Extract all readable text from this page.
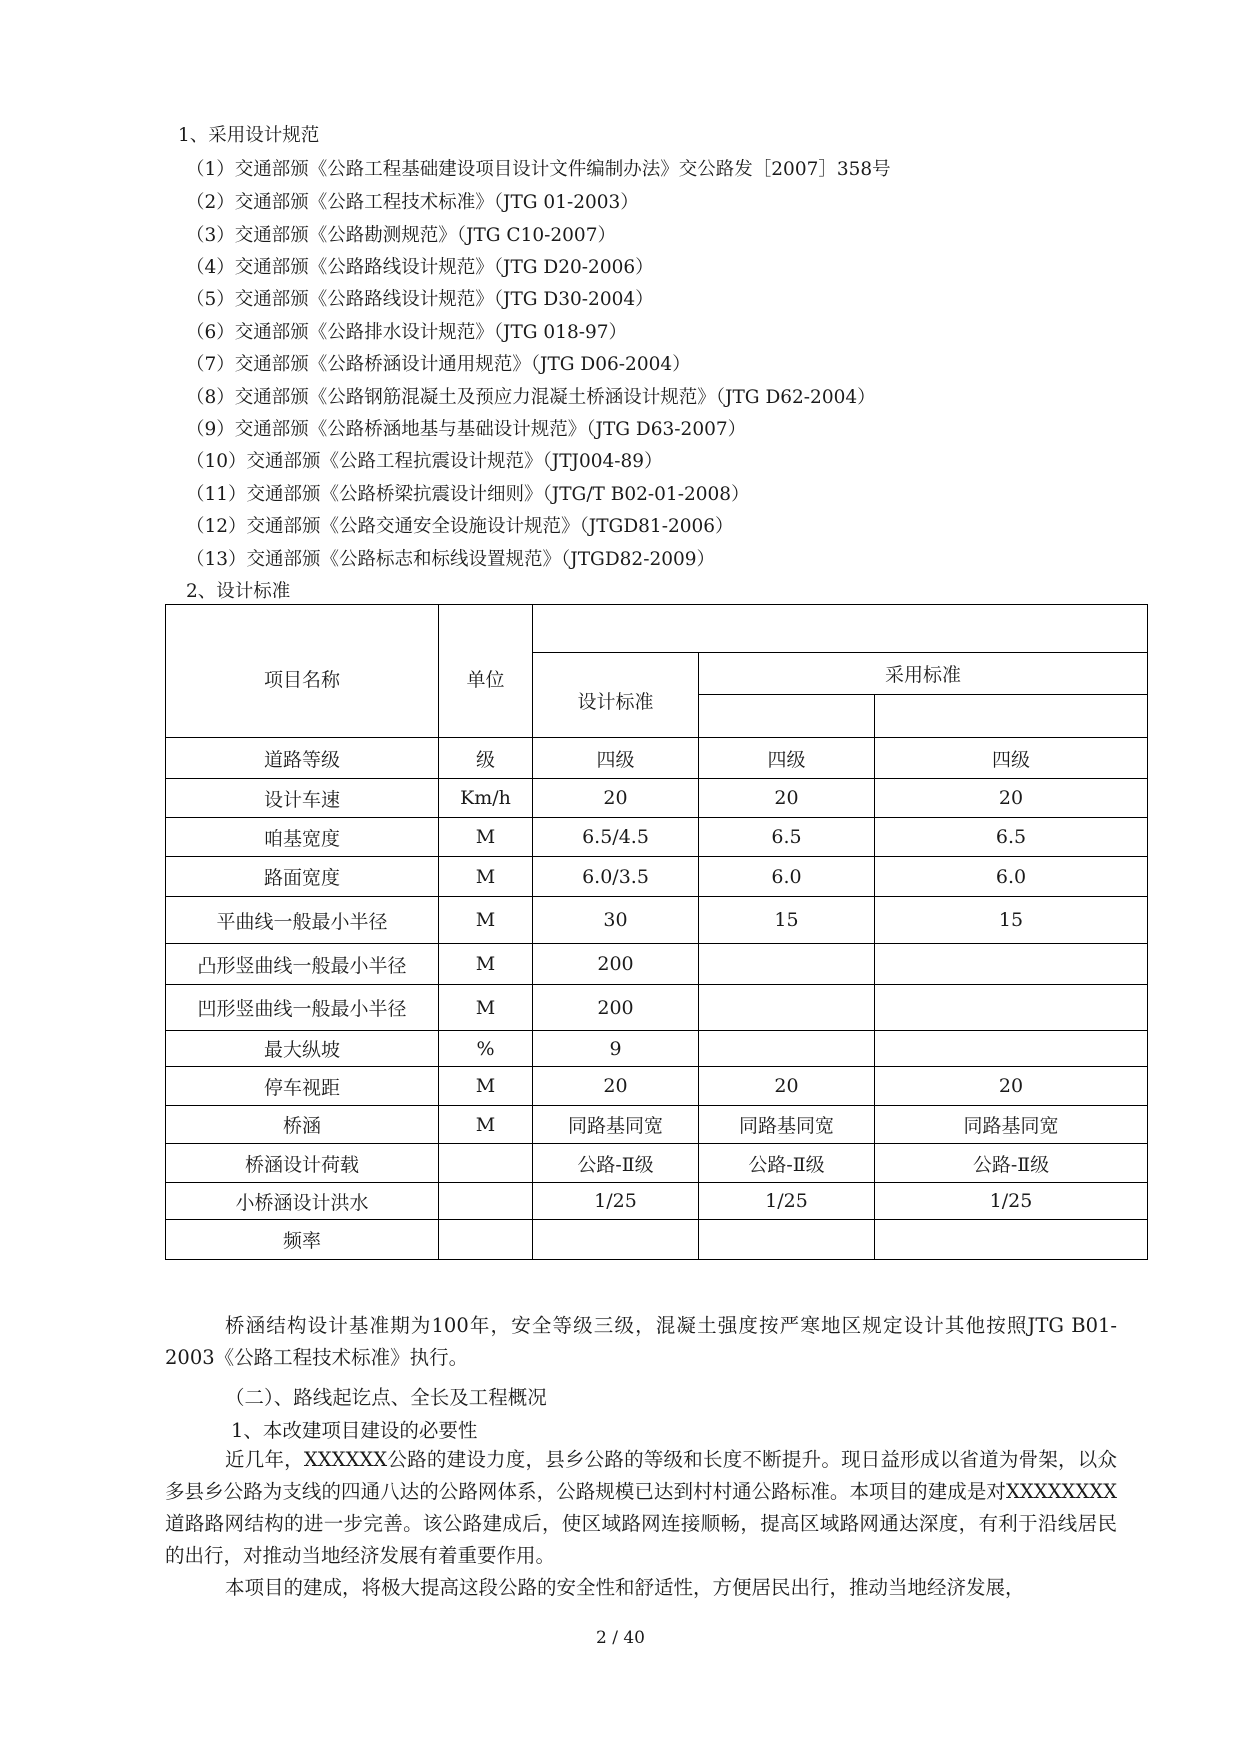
1、采用设计规范
（1）交通部颁《公路工程基础建设项目设计文件编制办法》交公路发［2007］358号
（2）交通部颁《公路工程技术标准》（JTG 01-2003）
（3）交通部颁《公路勘测规范》（JTG C10-2007）
（4）交通部颁《公路路线设计规范》（JTG D20-2006）
（5）交通部颁《公路路线设计规范》（JTG D30-2004）
（6）交通部颁《公路排水设计规范》（JTG 018-97）
（7）交通部颁《公路桥涵设计通用规范》（JTG D06-2004）
（8）交通部颁《公路钢筋混凝土及预应力混凝土桥涵设计规范》（JTG D62-2004）
（9）交通部颁《公路桥涵地基与基础设计规范》（JTG D63-2007）
（10）交通部颁《公路工程抗震设计规范》（JTJ004-89）
（11）交通部颁《公路桥梁抗震设计细则》（JTG/T B02-01-2008）
（12）交通部颁《公路交通安全设施设计规范》（JTGD81-2006）
（13）交通部颁《公路标志和标线设置规范》（JTGD82-2009）
2、设计标准
项目名称	单位			
		设计标准	采用标准	

道路等级	级	四级	四级	四级
设计车速	Km/h	20	20	20
咱基宽度	M	6.5/4.5	6.5	6.5
路面宽度	M	6.0/3.5	6.0	6.0
平曲线一般最小半径	M	30	15	15
凸形竖曲线一般最小半径	M	200		
凹形竖曲线一般最小半径	M	200		
最大纵坡	%	9		
停车视距	M	20	20	20
桥涵	M	同路基同宽	同路基同宽	同路基同宽
桥涵设计荷载		公路-Ⅱ级	公路-Ⅱ级	公路-Ⅱ级
小桥涵设计洪水		1/25	1/25	1/25
频率				
桥涵结构设计基准期为100年，安全等级三级，混凝土强度按严寒地区规定设计其他按照JTG B01-2003《公路工程技术标准》执行。
（二）、路线起讫点、全长及工程概况
1、本改建项目建设的必要性
近几年，XXXXXX公路的建设力度，县乡公路的等级和长度不断提升。现日益形成以省道为骨架，以众多县乡公路为支线的四通八达的公路网体系，公路规模已达到村村通公路标准。本项目的建成是对XXXXXXXX道路路网结构的进一步完善。该公路建成后，使区域路网连接顺畅，提高区域路网通达深度，有利于沿线居民的出行，对推动当地经济发展有着重要作用。
本项目的建成，将极大提高这段公路的安全性和舒适性，方便居民出行，推动当地经济发展，
2 / 40
